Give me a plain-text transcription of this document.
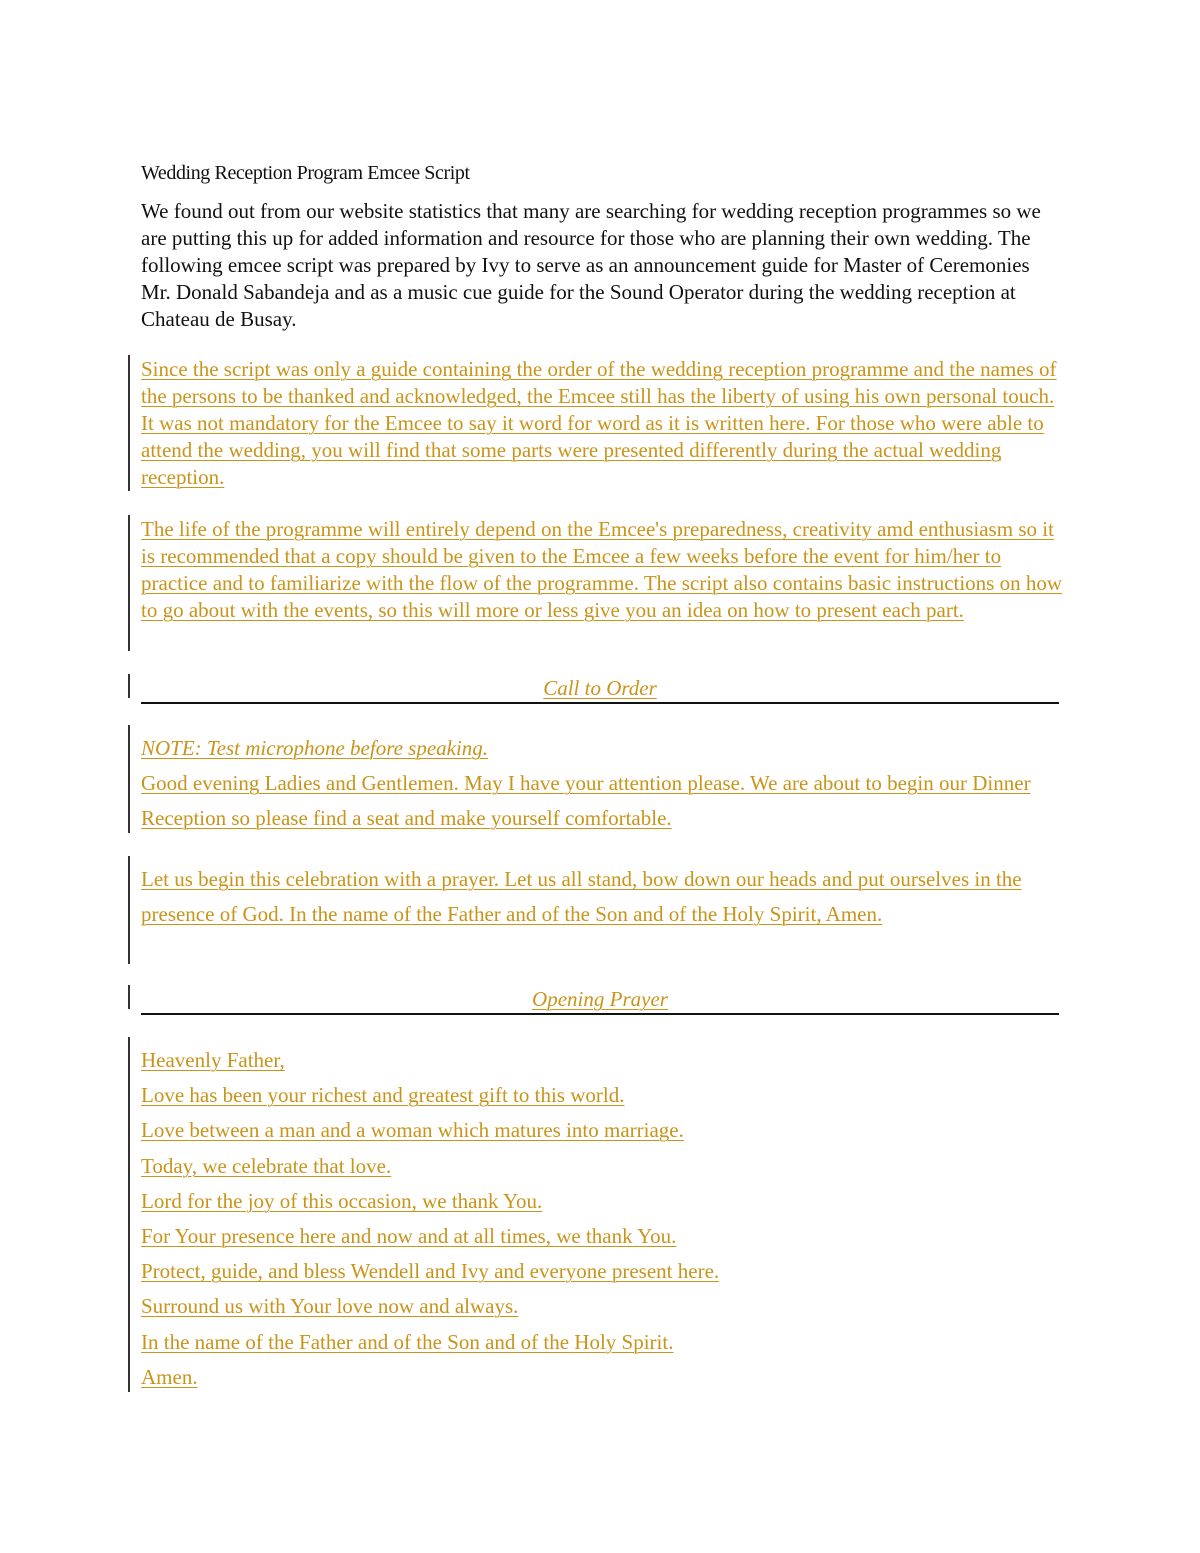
Wedding Reception Program Emcee Script

We found out from our website statistics that many are searching for wedding reception programmes so we are putting this up for added information and resource for those who are planning their own wedding. The following emcee script was prepared by Ivy to serve as an announcement guide for Master of Ceremonies Mr. Donald Sabandeja and as a music cue guide for the Sound Operator during the wedding reception at Chateau de Busay.

Since the script was only a guide containing the order of the wedding reception programme and the names of the persons to be thanked and acknowledged, the Emcee still has the liberty of using his own personal touch. It was not mandatory for the Emcee to say it word for word as it is written here. For those who were able to attend the wedding, you will find that some parts were presented differently during the actual wedding reception.

The life of the programme will entirely depend on the Emcee's preparedness, creativity amd enthusiasm so it is recommended that a copy should be given to the Emcee a few weeks before the event for him/her to practice and to familiarize with the flow of the programme. The script also contains basic instructions on how to go about with the events, so this will more or less give you an idea on how to present each part.

Call to Order

NOTE: Test microphone before speaking.

Good evening Ladies and Gentlemen. May I have your attention please. We are about to begin our Dinner Reception so please find a seat and make yourself comfortable.

Let us begin this celebration with a prayer. Let us all stand, bow down our heads and put ourselves in the presence of God. In the name of the Father and of the Son and of the Holy Spirit, Amen.

Opening Prayer
Heavenly Father,
Love has been your richest and greatest gift to this world.
Love between a man and a woman which matures into marriage.
Today, we celebrate that love.
Lord for the joy of this occasion, we thank You.
For Your presence here and now and at all times, we thank You.
Protect, guide, and bless Wendell and Ivy and everyone present here.
Surround us with Your love now and always.
In the name of the Father and of the Son and of the Holy Spirit.
Amen.
